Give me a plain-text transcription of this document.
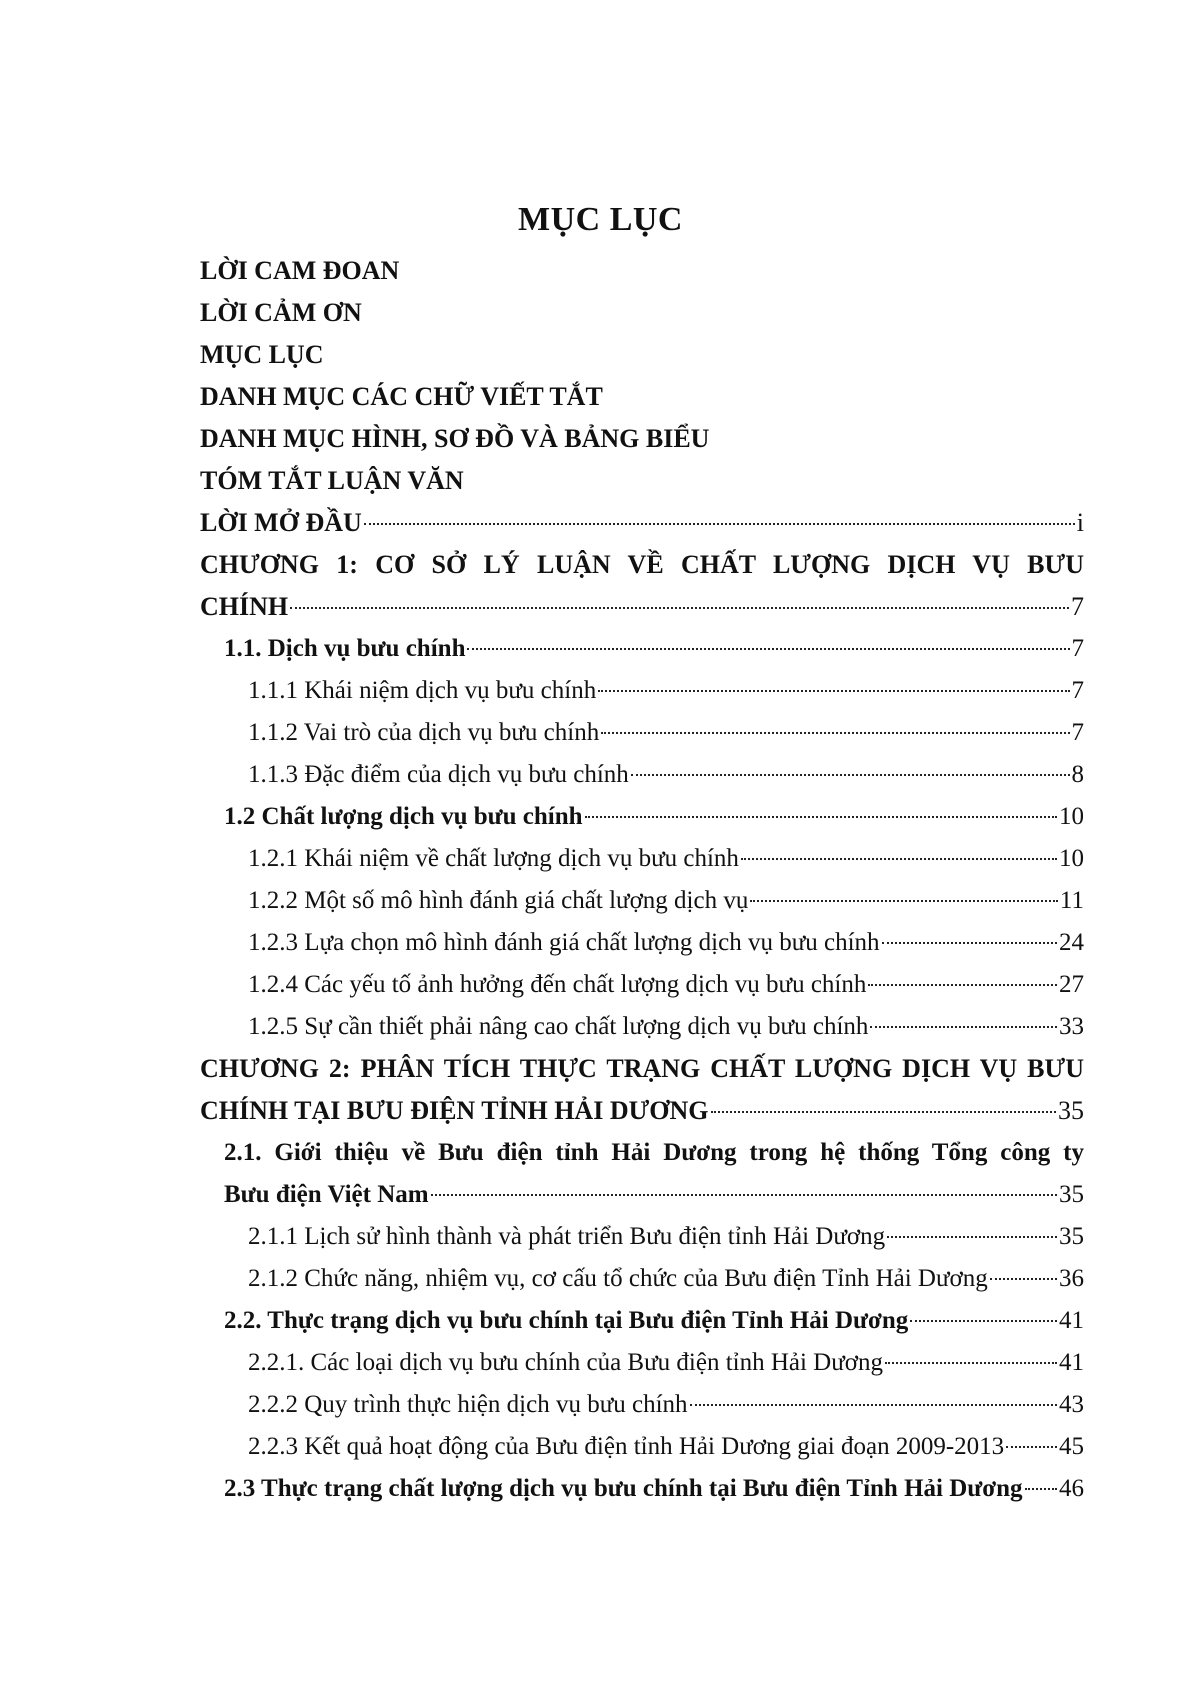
MỤC LỤC
LỜI CAM ĐOAN
LỜI CẢM ƠN
MỤC LỤC
DANH MỤC CÁC CHỮ VIẾT TẮT
DANH MỤC HÌNH, SƠ ĐỒ VÀ BẢNG BIỂU
TÓM TẮT LUẬN VĂN
LỜI MỞ ĐẦU	i
CHƯƠNG 1: CƠ SỞ LÝ LUẬN VỀ CHẤT LƯỢNG DỊCH VỤ BƯU
CHÍNH	7
1.1. Dịch vụ bưu chính	7
1.1.1 Khái niệm dịch vụ bưu chính	7
1.1.2 Vai trò của dịch vụ bưu chính	7
1.1.3 Đặc điểm của dịch vụ bưu chính	8
1.2 Chất lượng dịch vụ bưu chính	10
1.2.1 Khái niệm về chất lượng dịch vụ bưu chính	10
1.2.2 Một số mô hình đánh giá chất lượng dịch vụ	11
1.2.3 Lựa chọn mô hình đánh giá chất lượng dịch vụ bưu chính	24
1.2.4 Các yếu tố ảnh hưởng đến chất lượng dịch vụ bưu chính	27
1.2.5 Sự cần thiết phải nâng cao chất lượng dịch vụ bưu chính	33
CHƯƠNG 2: PHÂN TÍCH THỰC TRẠNG CHẤT LƯỢNG DỊCH VỤ BƯU
CHÍNH TẠI BƯU ĐIỆN TỈNH HẢI DƯƠNG	35
2.1. Giới thiệu về Bưu điện tỉnh Hải Dương trong hệ thống Tổng công ty
Bưu điện Việt Nam	35
2.1.1 Lịch sử hình thành và phát triển Bưu điện tỉnh Hải Dương	35
2.1.2 Chức năng, nhiệm vụ, cơ cấu tổ chức của Bưu điện Tỉnh Hải Dương	36
2.2. Thực trạng dịch vụ bưu chính tại Bưu điện Tỉnh Hải Dương	41
2.2.1. Các loại dịch vụ bưu chính của Bưu điện tỉnh Hải Dương	41
2.2.2 Quy trình thực hiện dịch vụ bưu chính	43
2.2.3 Kết quả hoạt động của Bưu điện tỉnh Hải Dương giai đoạn 2009-2013 45
2.3 Thực trạng chất lượng dịch vụ bưu chính tại Bưu điện Tỉnh Hải Dương 46
